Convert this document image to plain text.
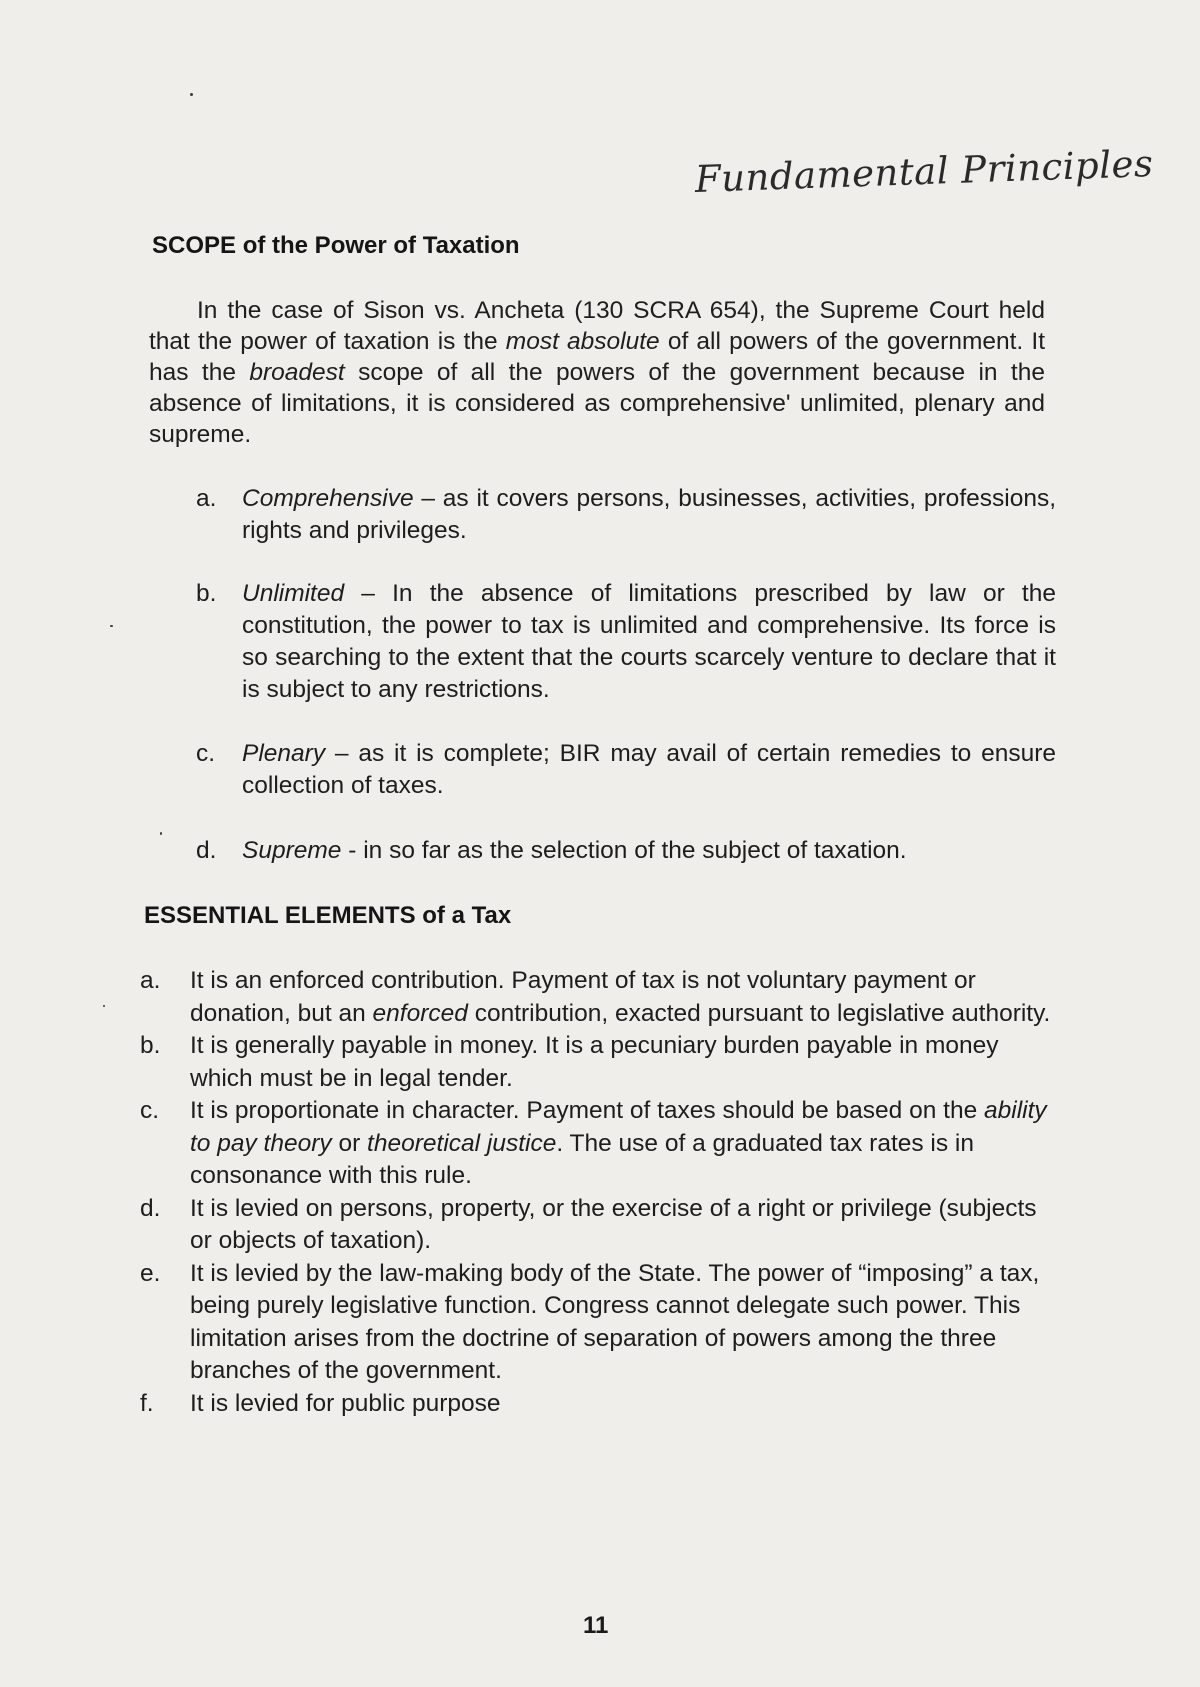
Fundamental Principles
SCOPE of the Power of Taxation
In the case of Sison vs. Ancheta (130 SCRA 654), the Supreme Court held that the power of taxation is the most absolute of all powers of the government. It has the broadest scope of all the powers of the government because in the absence of limitations, it is considered as comprehensive' unlimited, plenary and supreme.
a.	Comprehensive – as it covers persons, businesses, activities, professions, rights and privileges.
b.	Unlimited – In the absence of limitations prescribed by law or the constitution, the power to tax is unlimited and comprehensive. Its force is so searching to the extent that the courts scarcely venture to declare that it is subject to any restrictions.
c.	Plenary – as it is complete; BIR may avail of certain remedies to ensure collection of taxes.
d.	Supreme - in so far as the selection of the subject of taxation.
ESSENTIAL ELEMENTS of a Tax
a.	It is an enforced contribution. Payment of tax is not voluntary payment or donation, but an enforced contribution, exacted pursuant to legislative authority.
b.	It is generally payable in money. It is a pecuniary burden payable in money which must be in legal tender.
c.	It is proportionate in character. Payment of taxes should be based on the ability to pay theory or theoretical justice. The use of a graduated tax rates is in consonance with this rule.
d.	It is levied on persons, property, or the exercise of a right or privilege (subjects or objects of taxation).
e.	It is levied by the law-making body of the State. The power of “imposing” a tax, being purely legislative function. Congress cannot delegate such power. This limitation arises from the doctrine of separation of powers among the three branches of the government.
f.	It is levied for public purpose
11
